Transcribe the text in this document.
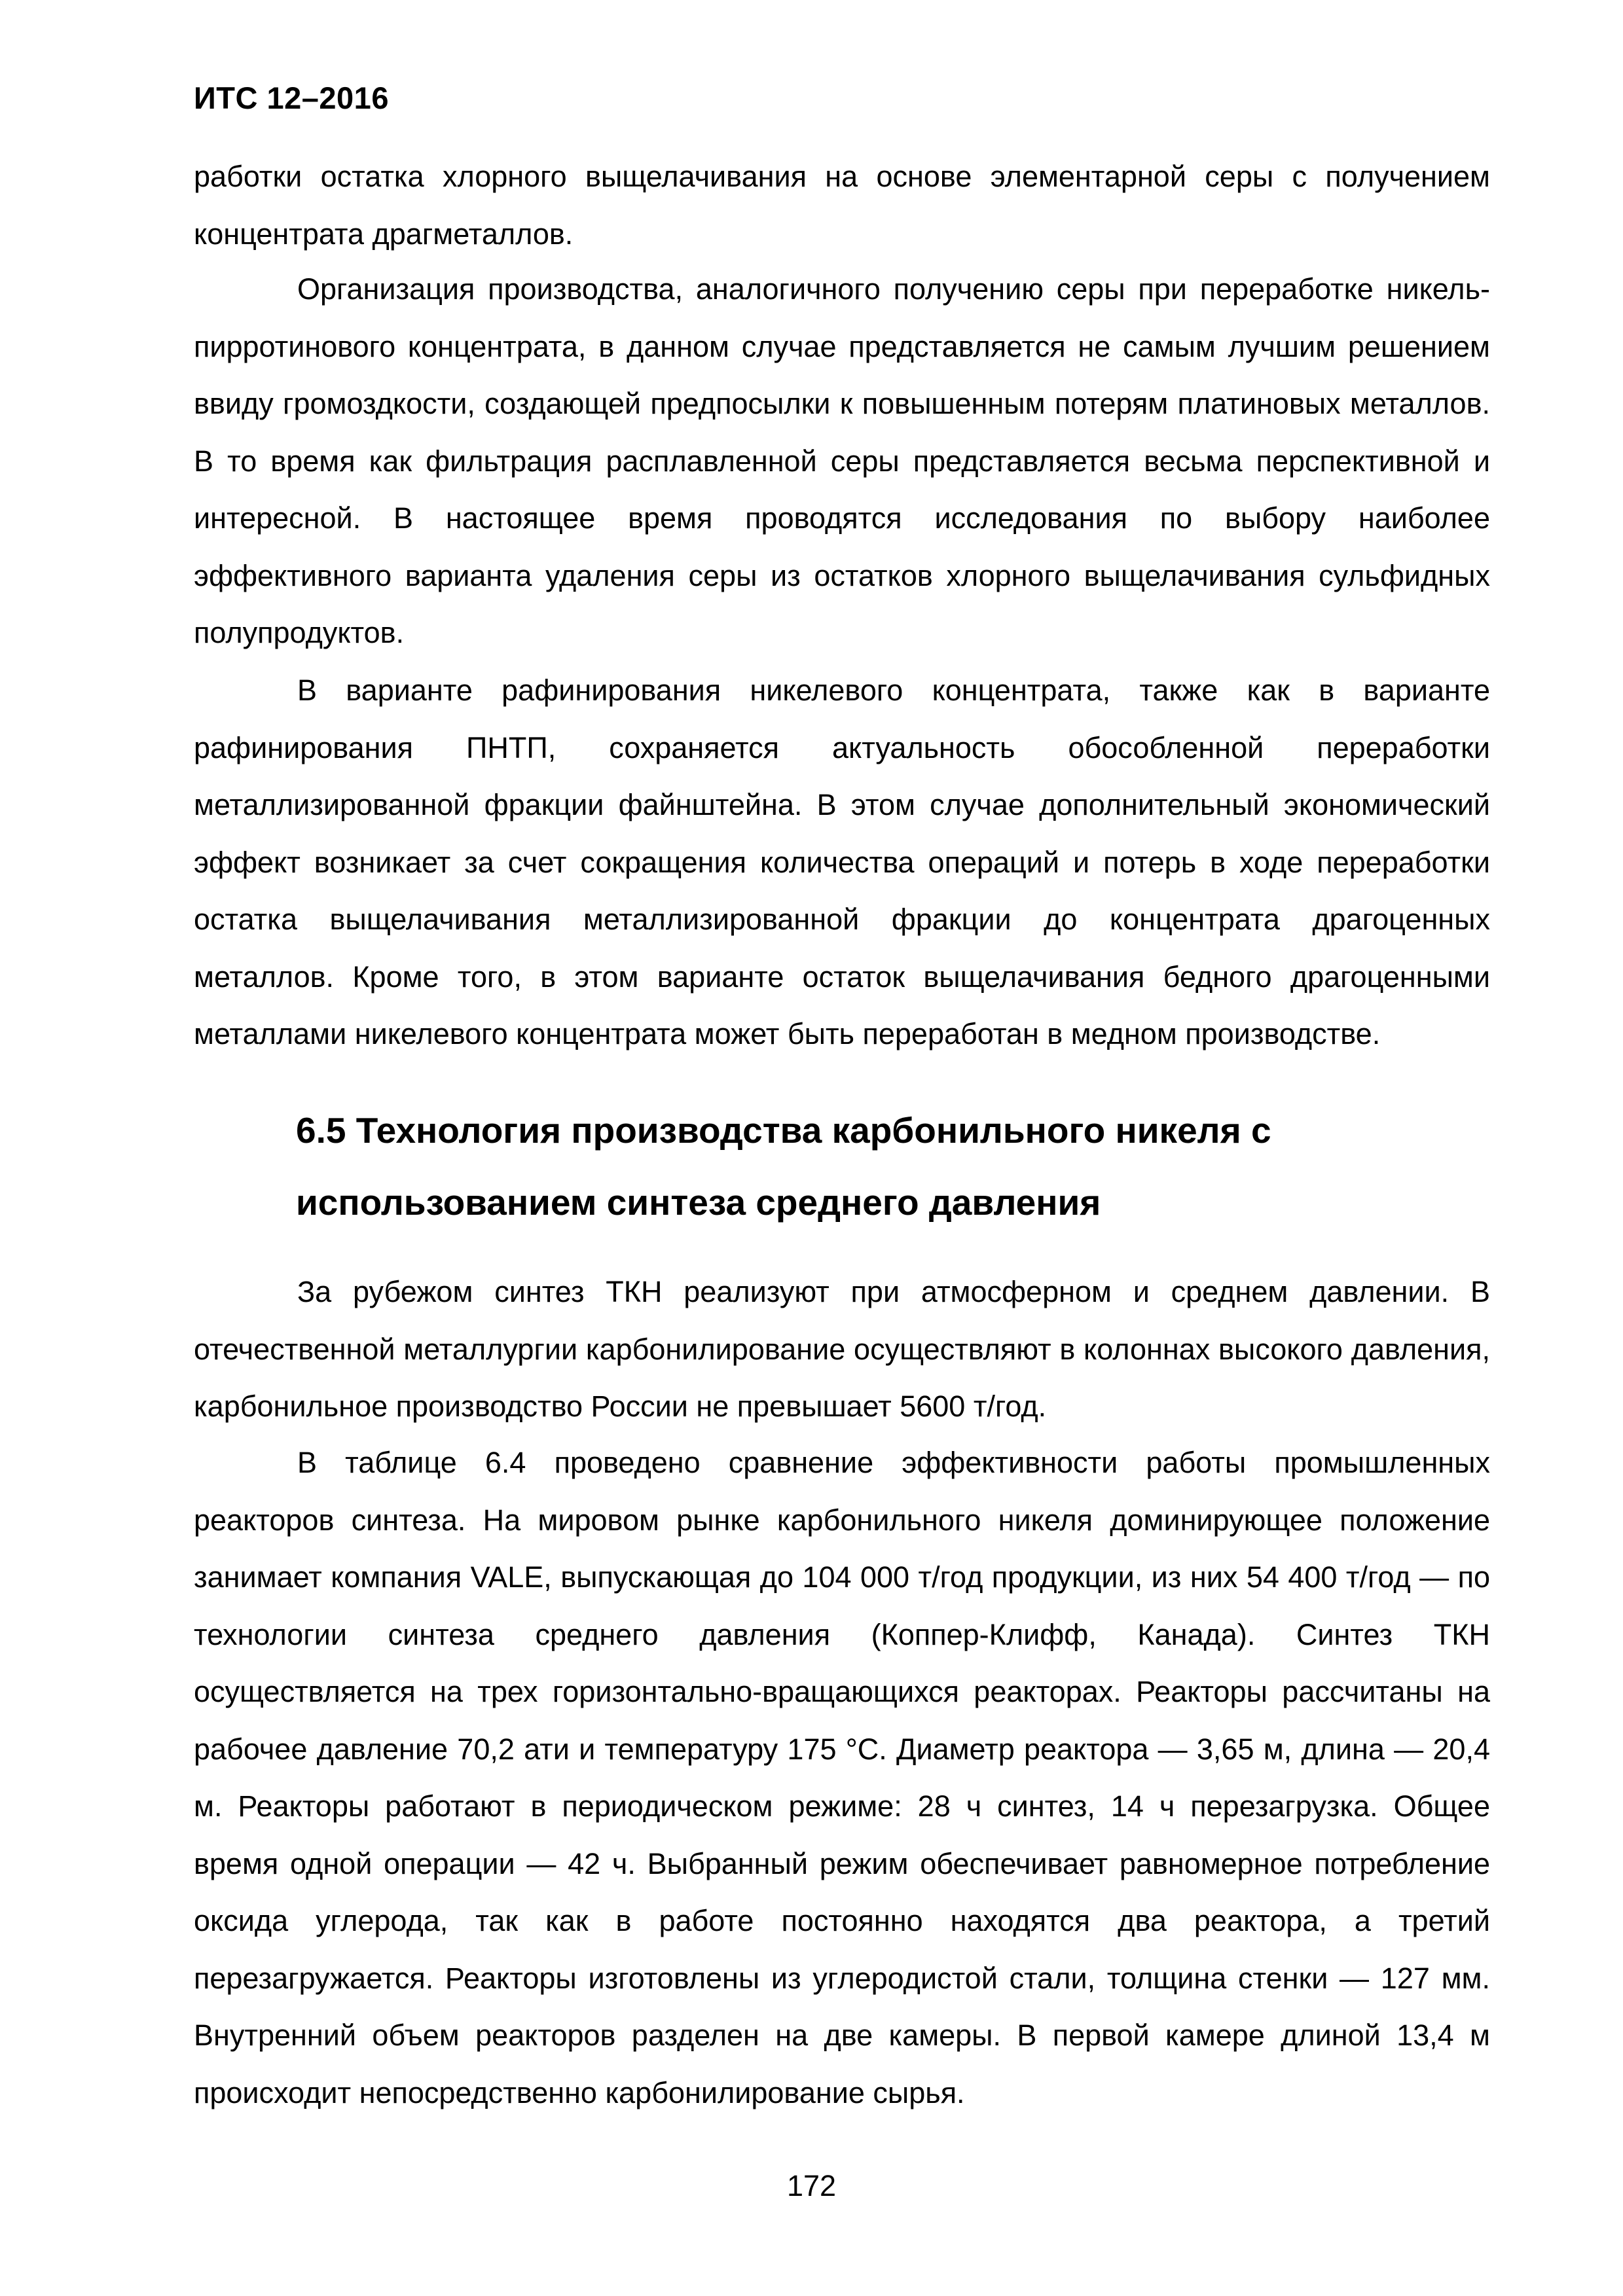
ИТС 12–2016

работки остатка хлорного выщелачивания на основе элементарной серы с получением концентрата драгметаллов.

Организация производства, аналогичного получению серы при переработке никель-пирротинового концентрата, в данном случае представляется не самым лучшим решением ввиду громоздкости, создающей предпосылки к повышенным потерям платиновых металлов. В то время как фильтрация расплавленной серы представляется весьма перспективной и интересной. В настоящее время проводятся исследования по выбору наиболее эффективного варианта удаления серы из остатков хлорного выщелачивания сульфидных полупродуктов.

В варианте рафинирования никелевого концентрата, также как в варианте рафинирования ПНТП, сохраняется актуальность обособленной переработки металлизированной фракции файнштейна. В этом случае дополнительный экономический эффект возникает за счет сокращения количества операций и потерь в ходе переработки остатка выщелачивания металлизированной фракции до концентрата драгоценных металлов. Кроме того, в этом варианте остаток выщелачивания бедного драгоценными металлами никелевого концентрата может быть переработан в медном производстве.

6.5 Технология производства карбонильного никеля с использованием синтеза среднего давления

За рубежом синтез ТКН реализуют при атмосферном и среднем давлении. В отечественной металлургии карбонилирование осуществляют в колоннах высокого давления, карбонильное производство России не превышает 5600 т/год.

В таблице 6.4 проведено сравнение эффективности работы промышленных реакторов синтеза. На мировом рынке карбонильного никеля доминирующее положение занимает компания VALE, выпускающая до 104 000 т/год продукции, из них 54 400 т/год — по технологии синтеза среднего давления (Коппер-Клифф, Канада). Синтез ТКН осуществляется на трех горизонтально-вращающихся реакторах. Реакторы рассчитаны на рабочее давление 70,2 ати и температуру 175 °С. Диаметр реактора — 3,65 м, длина — 20,4 м. Реакторы работают в периодическом режиме: 28 ч синтез, 14 ч перезагрузка. Общее время одной операции — 42 ч. Выбранный режим обеспечивает равномерное потребление оксида углерода, так как в работе постоянно находятся два реактора, а третий перезагружается. Реакторы изготовлены из углеродистой стали, толщина стенки — 127 мм. Внутренний объем реакторов разделен на две камеры. В первой камере длиной 13,4 м происходит непосредственно карбонилирование сырья.

172
